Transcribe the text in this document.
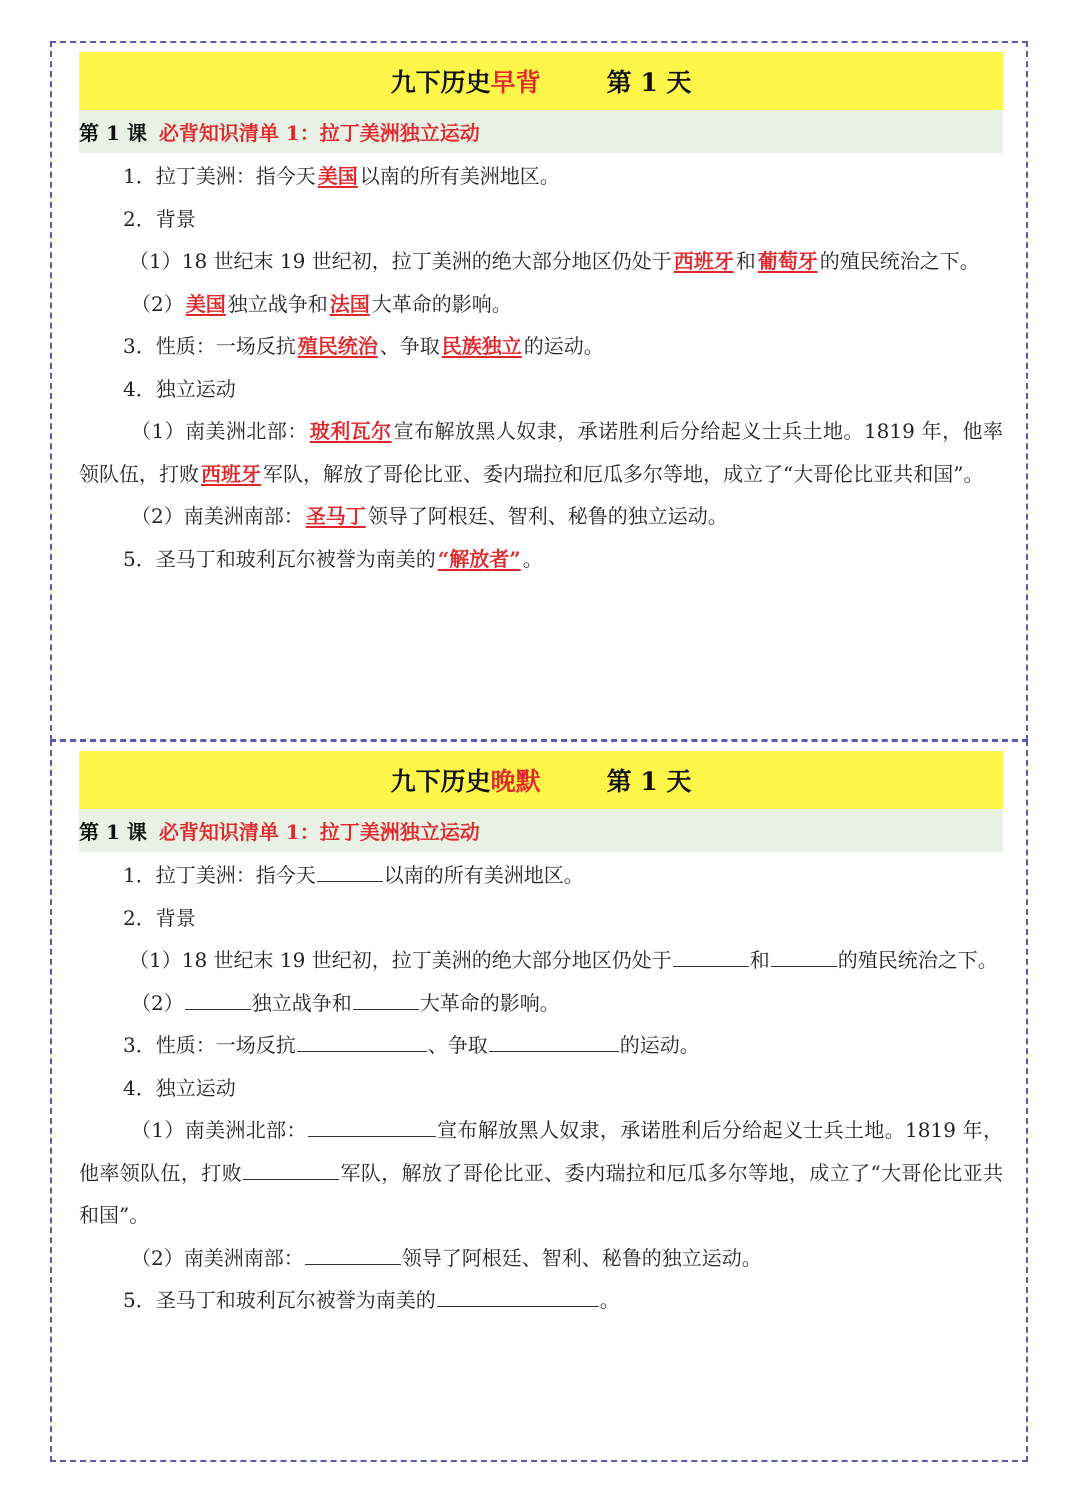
九下历史 早背	第 1 天
第 1 课 必背知识清单 1：拉丁美洲独立运动

1．拉丁美洲：指今天 美国 以南的所有美洲地区。

2．背景

（1）18 世纪末 19 世纪初，拉丁美洲的绝大部分地区仍处于 西班牙 和 葡萄牙 的殖民统治之下。

（2） 美国 独立战争和 法国 大革命的影响。

3．性质：一场反抗 殖民统治 、争取 民族独立 的运动。

4．独立运动

（1）南美洲北部： 玻利瓦尔 宣布解放黑人奴隶，承诺胜利后分给起义士兵土地。1819 年，他率领队伍，打败 西班牙 军队，解放了哥伦比亚、委内瑞拉和厄瓜多尔等地，成立了“大哥伦比亚共和国”。

（2）南美洲南部： 圣马丁 领导了阿根廷、智利、秘鲁的独立运动。

5．圣马丁和玻利瓦尔被誉为南美的 “解放者” 。

九下历史 晚默	第 1 天
第 1 课 必背知识清单 1：拉丁美洲独立运动

1．拉丁美洲：指今天	以南的所有美洲地区。

2．背景

（1）18 世纪末 19 世纪初，拉丁美洲的绝大部分地区仍处于	和	的殖民统治之下。

（2）	独立战争和	大革命的影响。

3．性质：一场反抗	、争取	的运动。

4．独立运动

（1）南美洲北部：	宣布解放黑人奴隶，承诺胜利后分给起义士兵土地。1819 年，他率领队伍，打败	军队，解放了哥伦比亚、委内瑞拉和厄瓜多尔等地，成立了“大哥伦比亚共和国”。

（2）南美洲南部：	领导了阿根廷、智利、秘鲁的独立运动。

5．圣马丁和玻利瓦尔被誉为南美的	。
